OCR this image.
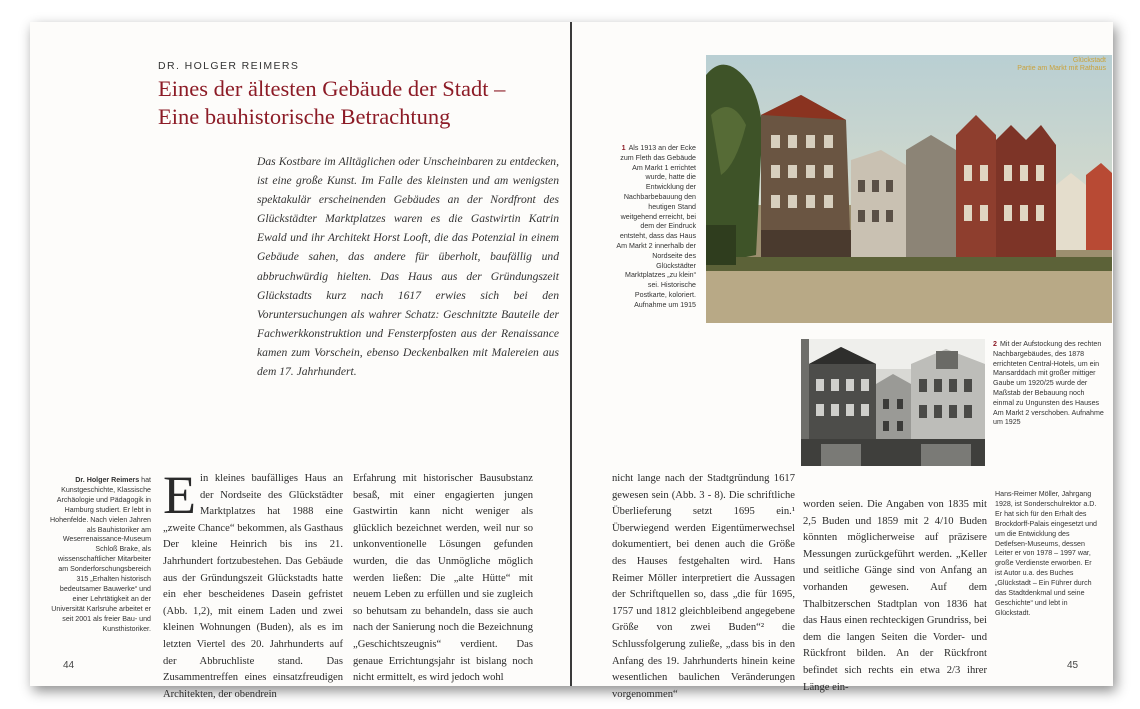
DR. HOLGER REIMERS
Eines der ältesten Gebäude der Stadt –
Eine bauhistorische Betrachtung
Das Kostbare im Alltäglichen oder Unscheinbaren zu entdecken, ist eine große Kunst. Im Falle des kleinsten und am wenigsten spektakulär erscheinenden Gebäudes an der Nordfront des Glückstädter Marktplatzes waren es die Gastwirtin Katrin Ewald und ihr Architekt Horst Looft, die das Potenzial in einem Gebäude sahen, das andere für überholt, baufällig und abbruchwürdig hielten. Das Haus aus der Gründungszeit Glückstadts kurz nach 1617 erwies sich bei den Voruntersuchungen als wahrer Schatz: Geschnitzte Bauteile der Fachwerkkonstruktion und Fensterpfosten aus der Renaissance kamen zum Vorschein, ebenso Deckenbalken mit Malereien aus dem 17. Jahrhundert.
Dr. Holger Reimers hat Kunstgeschichte, Klassische Archäologie und Pädagogik in Hamburg studiert. Er lebt in Hohenfelde. Nach vielen Jahren als Bauhistoriker am Weserrenaissance-Museum Schloß Brake, als wissenschaftlicher Mitarbeiter am Sonderforschungsbereich 315 „Erhalten historisch bedeutsamer Bauwerke“ und einer Lehrtätigkeit an der Universität Karlsruhe arbeitet er seit 2001 als freier Bau- und Kunsthistoriker.
E in kleines baufälliges Haus an der Nordseite des Glückstädter Marktplatzes hat 1988 eine „zweite Chance“ bekommen, als Gasthaus Der kleine Heinrich bis ins 21. Jahrhundert fortzubestehen. Das Gebäude aus der Gründungszeit Glückstadts hatte ein eher bescheidenes Dasein gefristet (Abb. 1,2), mit einem Laden und zwei kleinen Wohnungen (Buden), als es im letzten Viertel des 20. Jahrhunderts auf der Abbruchliste stand. Das Zusammentreffen eines einsatzfreudigen Architekten, der obendrein
Erfahrung mit historischer Bausubstanz besaß, mit einer engagierten jungen Gastwirtin kann nicht weniger als glücklich bezeichnet werden, weil nur so unkonventionelle Lösungen gefunden wurden, die das Unmögliche möglich werden ließen: Die „alte Hütte“ mit neuem Leben zu erfüllen und sie zugleich so behutsam zu behandeln, dass sie auch nach der Sanierung noch die Bezeichnung „Geschichtszeugnis“ verdient. Das genaue Errichtungsjahr ist bislang noch nicht ermittelt, es wird jedoch wohl
44
1 Als 1913 an der Ecke zum Fleth das Gebäude Am Markt 1 errichtet wurde, hatte die Entwicklung der Nachbarbebauung den heutigen Stand weitgehend erreicht, bei dem der Eindruck entsteht, dass das Haus Am Markt 2 innerhalb der Nordseite des Glückstädter Marktplatzes „zu klein“ sei. Historische Postkarte, koloriert. Aufnahme um 1915
Glückstadt
Partie am Markt mit Rathaus
2 Mit der Aufstockung des rechten Nachbargebäudes, des 1878 errichteten Central-Hotels, um ein Mansarddach mit großer mittiger Gaube um 1920/25 wurde der Maßstab der Bebauung noch einmal zu Ungunsten des Hauses Am Markt 2 verschoben. Aufnahme um 1925
nicht lange nach der Stadtgründung 1617 gewesen sein (Abb. 3 - 8). Die schriftliche Überlieferung setzt 1695 ein.¹ Überwiegend werden Eigentümerwechsel dokumentiert, bei denen auch die Größe des Hauses festgehalten wird. Hans Reimer Möller interpretiert die Aussagen der Schriftquellen so, dass „die für 1695, 1757 und 1812 gleichbleibend angegebene Größe von zwei Buden“² die Schlussfolgerung zuließe, „dass bis in den Anfang des 19. Jahrhunderts hinein keine wesentlichen baulichen Veränderungen vorgenommen“
worden seien. Die Angaben von 1835 mit 2,5 Buden und 1859 mit 2 4/10 Buden könnten möglicherweise auf präzisere Messungen zurückgeführt werden. „Keller und seitliche Gänge sind von Anfang an vorhanden gewesen. Auf dem Thalbitzerschen Stadtplan von 1836 hat das Haus einen rechteckigen Grundriss, bei dem die langen Seiten die Vorder- und Rückfront bilden. An der Rückfront befindet sich rechts ein etwa 2/3 ihrer Länge ein-
Hans-Reimer Möller, Jahrgang 1928, ist Sonderschulrektor a.D. Er hat sich für den Erhalt des Brockdorff-Palais eingesetzt und um die Entwicklung des Detlefsen-Museums, dessen Leiter er von 1978 – 1997 war, große Verdienste erworben. Er ist Autor u.a. des Buches „Glückstadt – Ein Führer durch das Stadtdenkmal und seine Geschichte“ und lebt in Glückstadt.
45
